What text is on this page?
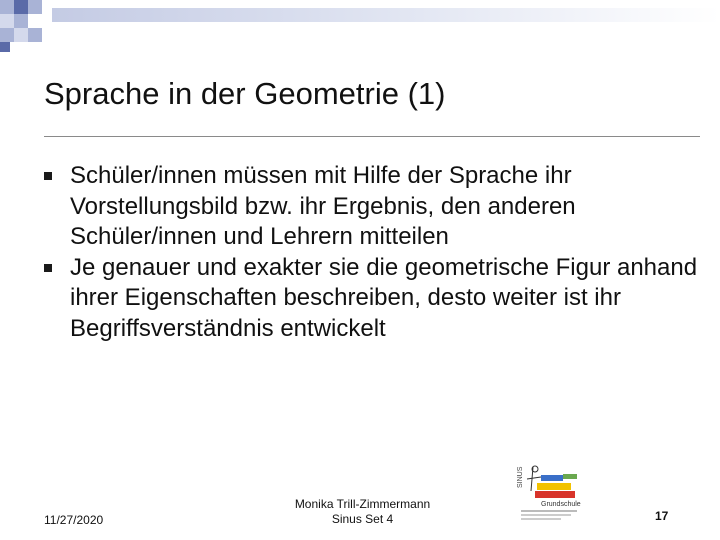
Sprache in der Geometrie (1)
Schüler/innen müssen mit Hilfe der Sprache ihr Vorstellungsbild bzw. ihr Ergebnis, den anderen Schüler/innen und Lehrern mitteilen
Je genauer und exakter sie die geometrische Figur anhand ihrer Eigenschaften beschreiben, desto weiter ist ihr Begriffsverständnis entwickelt
11/27/2020
Monika Trill-Zimmermann
Sinus Set 4
SINUS
Grundschule
17
